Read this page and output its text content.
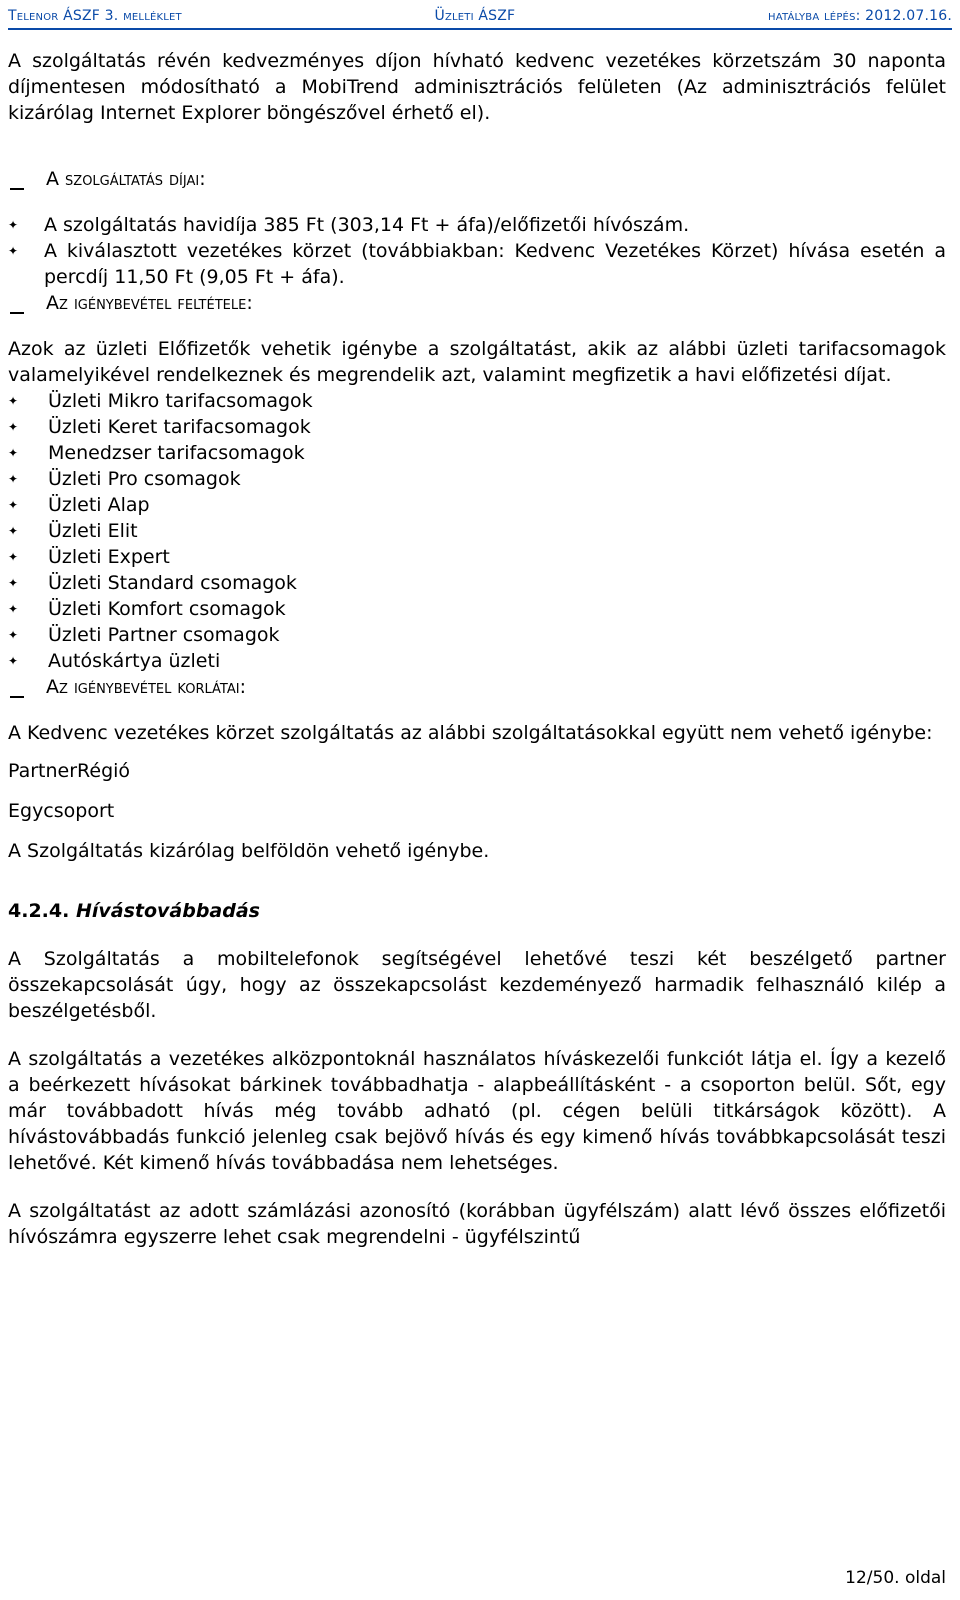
Telenor ÁSZF 3. melléklet	Üzleti ÁSZF	hatályba lépés: 2012.07.16.

A szolgáltatás révén kedvezményes díjon hívható kedvenc vezetékes körzetszám 30 naponta díjmentesen módosítható a MobiTrend adminisztrációs felületen (Az adminisztrációs felület kizárólag Internet Explorer böngészővel érhető el).

A szolgáltatás díjai:
✦	A szolgáltatás havidíja 385 Ft (303,14 Ft + áfa)/előfizetői hívószám.
✦	A kiválasztott vezetékes körzet (továbbiakban: Kedvenc Vezetékes Körzet) hívása esetén a percdíj 11,50 Ft (9,05 Ft + áfa).
Az igénybevétel feltétele:

Azok az üzleti Előfizetők vehetik igénybe a szolgáltatást, akik az alábbi üzleti tarifacsomagok valamelyikével rendelkeznek és megrendelik azt, valamint megfizetik a havi előfizetési díjat.

✦	Üzleti Mikro tarifacsomagok
✦	Üzleti Keret tarifacsomagok
✦	Menedzser tarifacsomagok
✦	Üzleti Pro csomagok
✦	Üzleti Alap
✦	Üzleti Elit
✦	Üzleti Expert
✦	Üzleti Standard csomagok
✦	Üzleti Komfort csomagok
✦	Üzleti Partner csomagok
✦	Autóskártya üzleti
Az igénybevétel korlátai:

A Kedvenc vezetékes körzet szolgáltatás az alábbi szolgáltatásokkal együtt nem vehető igénybe:

PartnerRégió

Egycsoport

A Szolgáltatás kizárólag belföldön vehető igénybe.

4.2.4. Hívástovábbadás

A Szolgáltatás a mobiltelefonok segítségével lehetővé teszi két beszélgető partner összekapcsolását úgy, hogy az összekapcsolást kezdeményező harmadik felhasználó kilép a beszélgetésből.

A szolgáltatás a vezetékes alközpontoknál használatos híváskezelői funkciót látja el. Így a kezelő a beérkezett hívásokat bárkinek továbbadhatja - alapbeállításként - a csoporton belül. Sőt, egy már továbbadott hívás még tovább adható (pl. cégen belüli titkárságok között). A hívástovábbadás funkció jelenleg csak bejövő hívás és egy kimenő hívás továbbkapcsolását teszi lehetővé. Két kimenő hívás továbbadása nem lehetséges.

A szolgáltatást az adott számlázási azonosító (korábban ügyfélszám) alatt lévő összes előfizetői hívószámra egyszerre lehet csak megrendelni - ügyfélszintű

12/50. oldal
